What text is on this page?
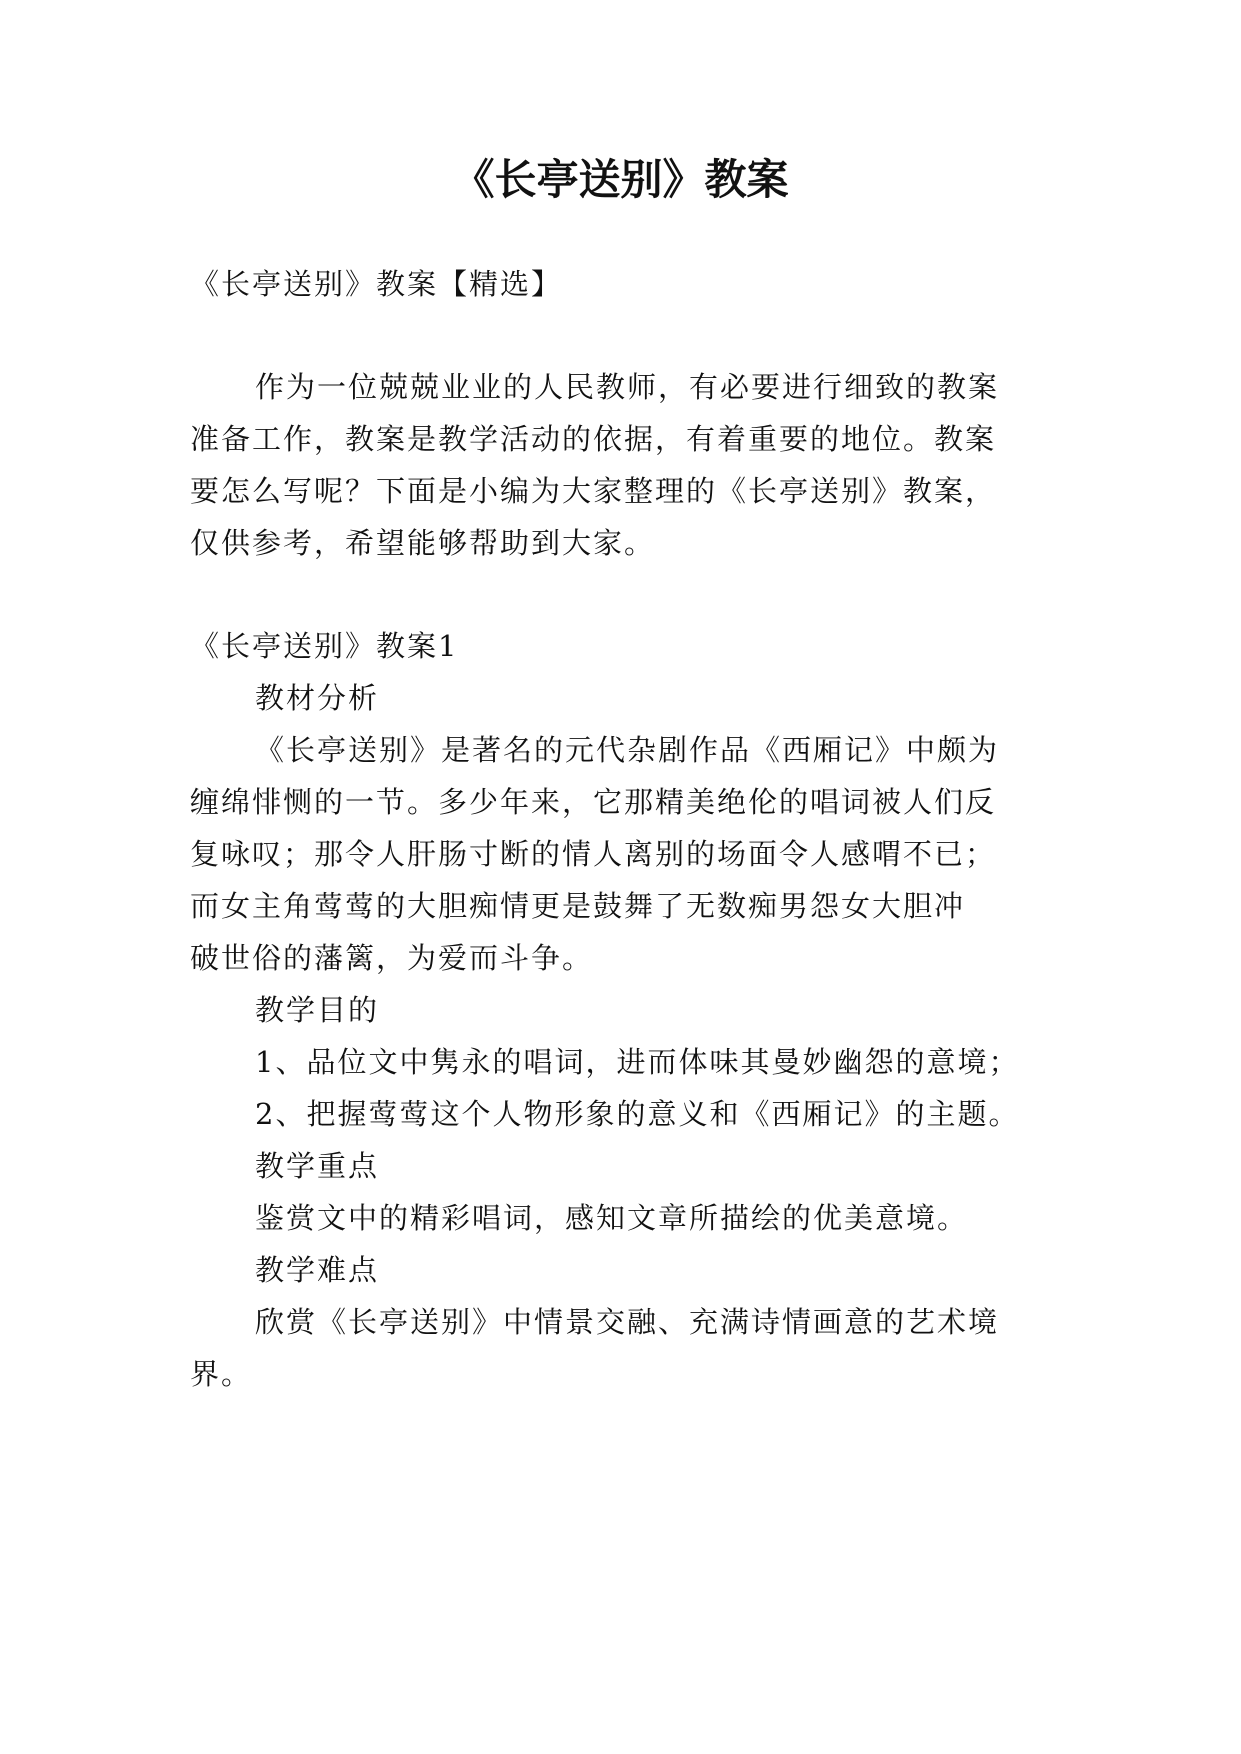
《长亭送别》教案

《长亭送别》教案【精选】

作为一位兢兢业业的人民教师，有必要进行细致的教案

准备工作，教案是教学活动的依据，有着重要的地位。教案

要怎么写呢？下面是小编为大家整理的《长亭送别》教案，

仅供参考，希望能够帮助到大家。

《长亭送别》教案1

教材分析

《长亭送别》是著名的元代杂剧作品《西厢记》中颇为

缠绵悱恻的一节。多少年来，它那精美绝伦的唱词被人们反

复咏叹；那令人肝肠寸断的情人离别的场面令人感喟不已；

而女主角莺莺的大胆痴情更是鼓舞了无数痴男怨女大胆冲

破世俗的藩篱，为爱而斗争。

教学目的

1、品位文中隽永的唱词，进而体味其曼妙幽怨的意境；

2、把握莺莺这个人物形象的意义和《西厢记》的主题。

教学重点

鉴赏文中的精彩唱词，感知文章所描绘的优美意境。

教学难点

欣赏《长亭送别》中情景交融、充满诗情画意的艺术境

界。
